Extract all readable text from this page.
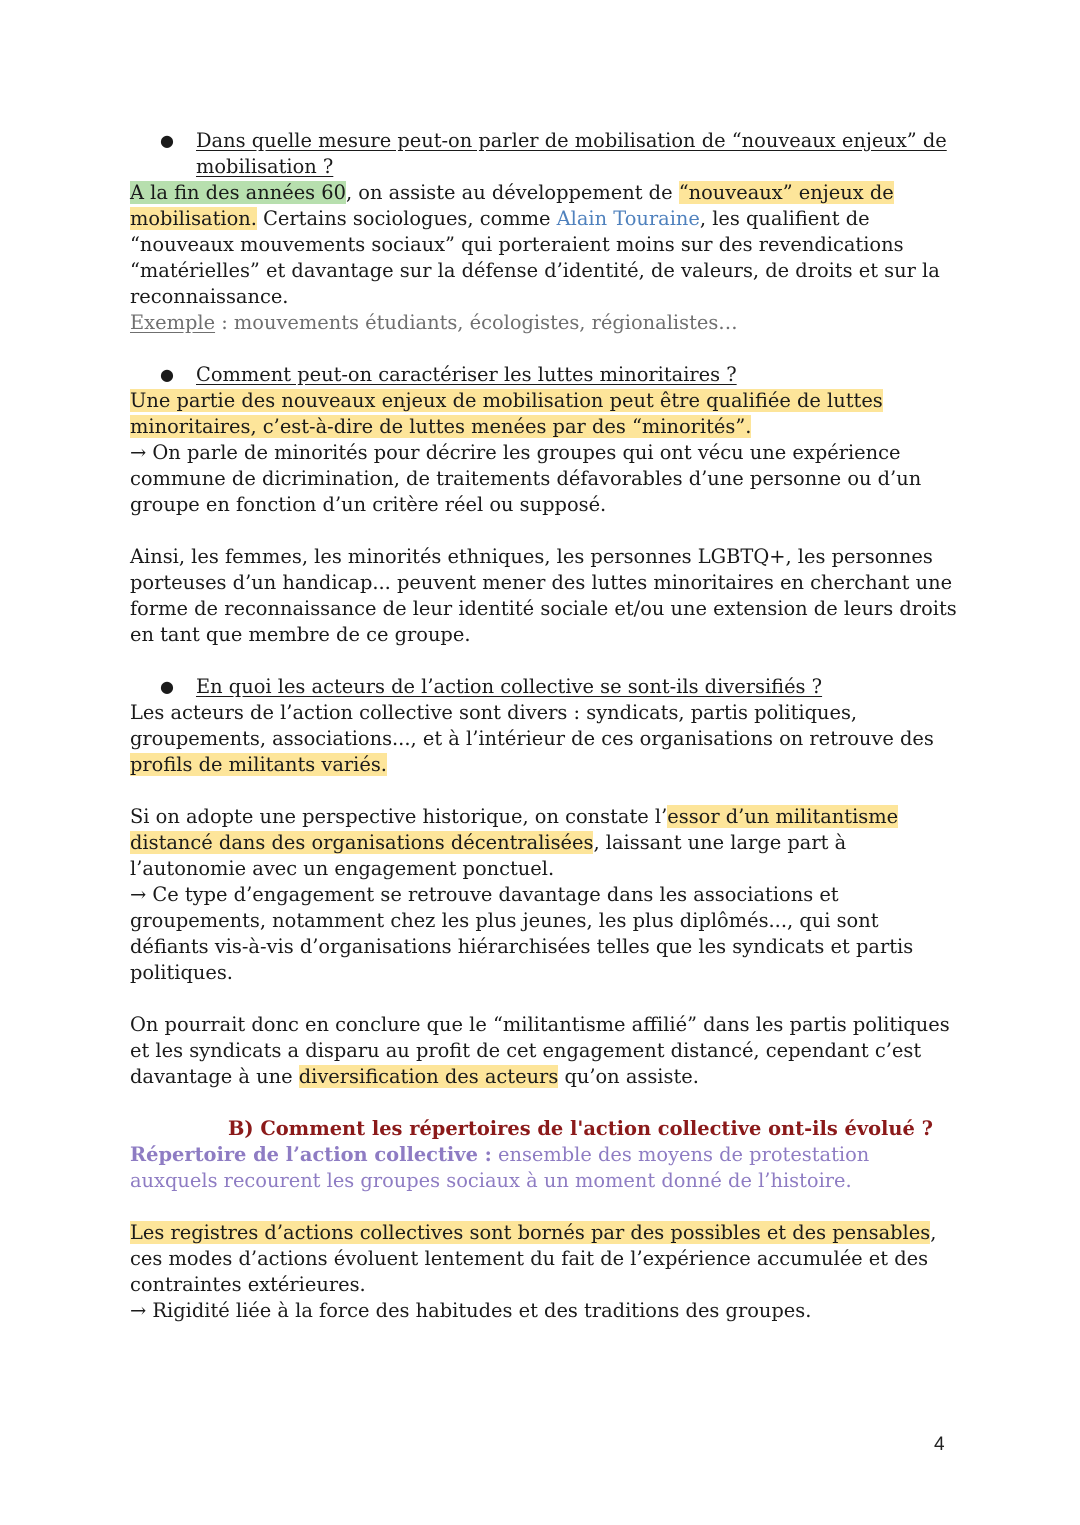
● Dans quelle mesure peut-on parler de mobilisation de “nouveaux enjeux” de mobilisation ?

A la fin des années 60, on assiste au développement de “nouveaux” enjeux de mobilisation. Certains sociologues, comme Alain Touraine, les qualifient de “nouveaux mouvements sociaux” qui porteraient moins sur des revendications “matérielles” et davantage sur la défense d’identité, de valeurs, de droits et sur la reconnaissance.

Exemple : mouvements étudiants, écologistes, régionalistes…

● Comment peut-on caractériser les luttes minoritaires ?

Une partie des nouveaux enjeux de mobilisation peut être qualifiée de luttes minoritaires, c’est-à-dire de luttes menées par des “minorités”.

→ On parle de minorités pour décrire les groupes qui ont vécu une expérience commune de dicrimination, de traitements défavorables d’une personne ou d’un groupe en fonction d’un critère réel ou supposé.

Ainsi, les femmes, les minorités ethniques, les personnes LGBTQ+, les personnes porteuses d’un handicap... peuvent mener des luttes minoritaires en cherchant une forme de reconnaissance de leur identité sociale et/ou une extension de leurs droits en tant que membre de ce groupe.

● En quoi les acteurs de l’action collective se sont-ils diversifiés ?

Les acteurs de l’action collective sont divers : syndicats, partis politiques, groupements, associations..., et à l’intérieur de ces organisations on retrouve des profils de militants variés.

Si on adopte une perspective historique, on constate l’essor d’un militantisme distancé dans des organisations décentralisées, laissant une large part à l’autonomie avec un engagement ponctuel.

→ Ce type d’engagement se retrouve davantage dans les associations et groupements, notamment chez les plus jeunes, les plus diplômés..., qui sont défiants vis-à-vis d’organisations hiérarchisées telles que les syndicats et partis politiques.

On pourrait donc en conclure que le “militantisme affilié” dans les partis politiques et les syndicats a disparu au profit de cet engagement distancé, cependant c’est davantage à une diversification des acteurs qu’on assiste.

B) Comment les répertoires de l'action collective ont-ils évolué ?

Répertoire de l’action collective : ensemble des moyens de protestation auxquels recourent les groupes sociaux à un moment donné de l’histoire.

Les registres d’actions collectives sont bornés par des possibles et des pensables, ces modes d’actions évoluent lentement du fait de l’expérience accumulée et des contraintes extérieures.

→ Rigidité liée à la force des habitudes et des traditions des groupes.

4
